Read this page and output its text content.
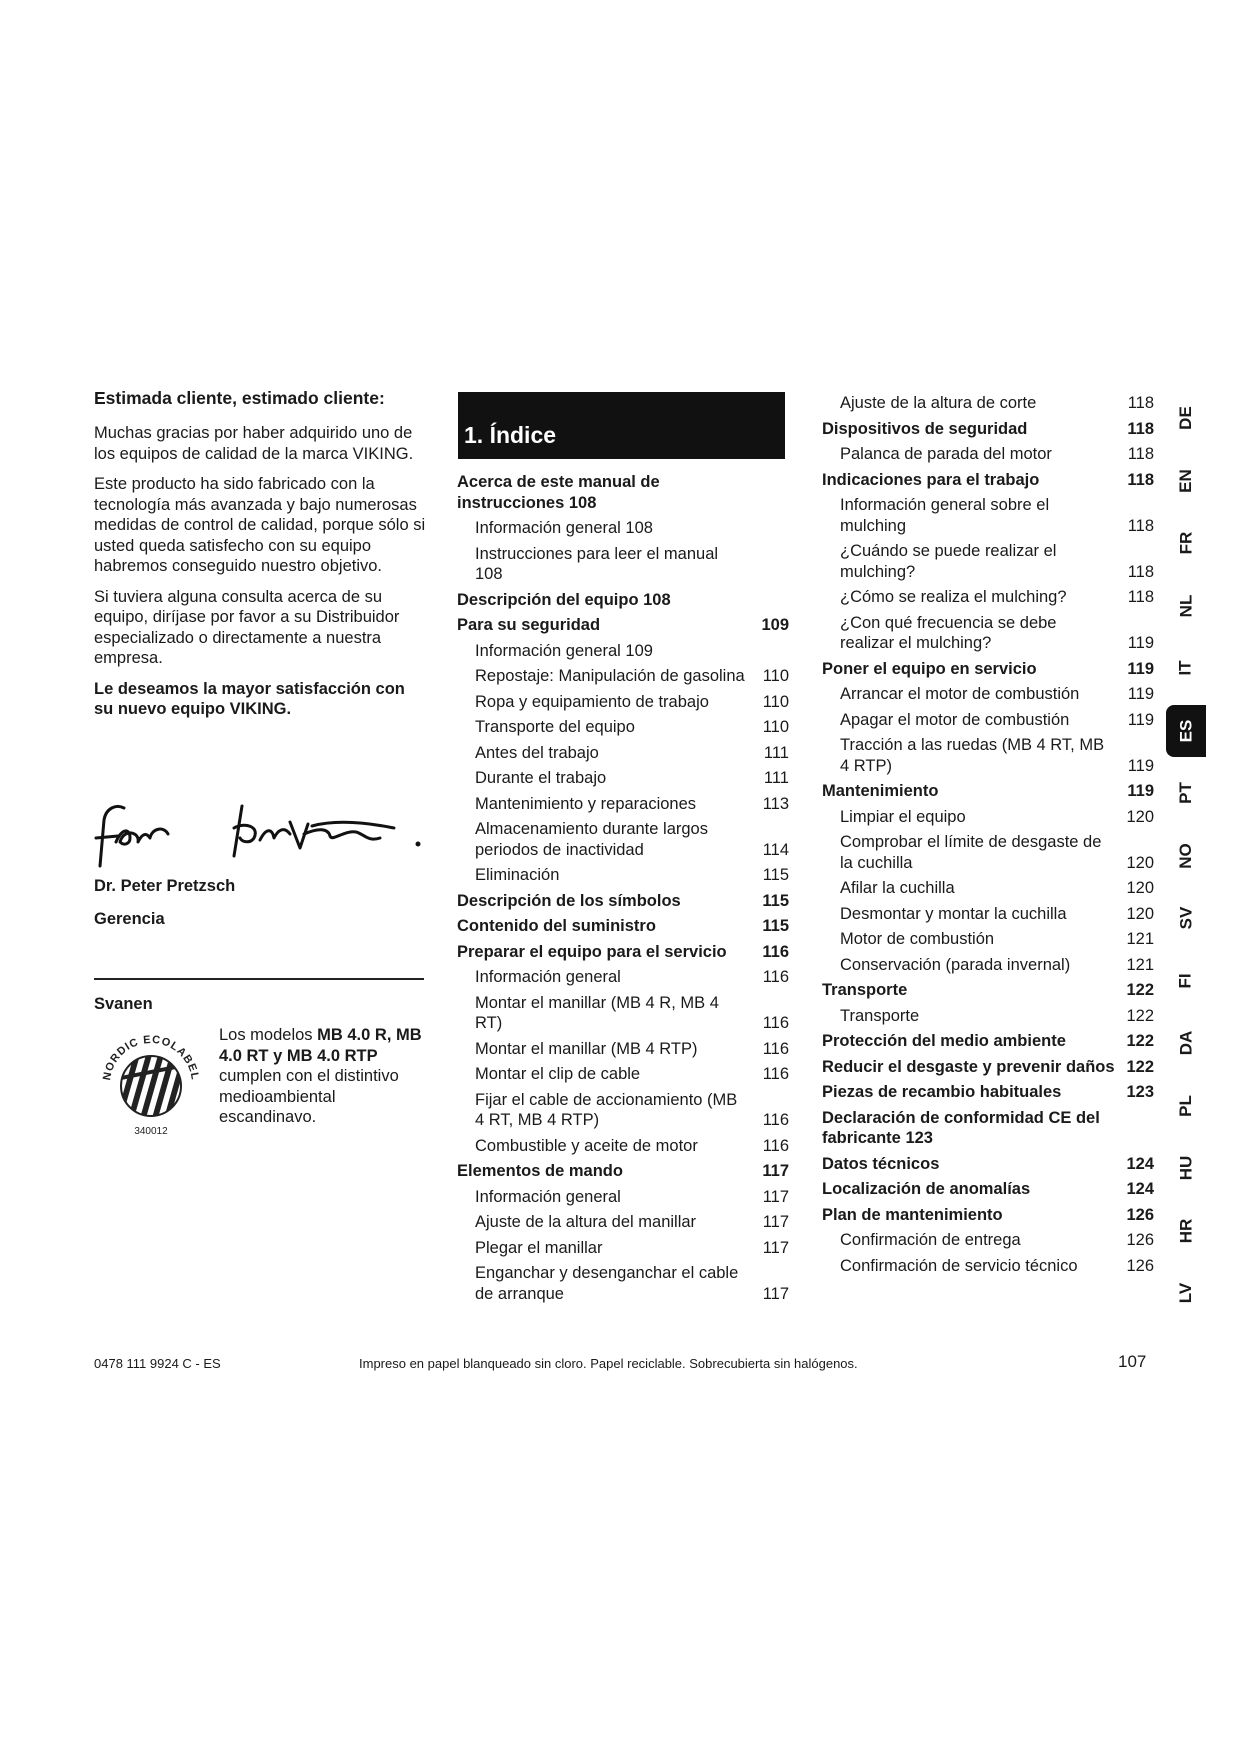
Estimada cliente, estimado cliente:

Muchas gracias por haber adquirido uno de los equipos de calidad de la marca VIKING.

Este producto ha sido fabricado con la tecnología más avanzada y bajo numerosas medidas de control de calidad, porque sólo si usted queda satisfecho con su equipo habremos conseguido nuestro objetivo.

Si tuviera alguna consulta acerca de su equipo, diríjase por favor a su Distribuidor especializado o directamente a nuestra empresa.

Le deseamos la mayor satisfacción con su nuevo equipo VIKING.

Dr. Peter Pretzsch
Gerencia
Svanen
NORDIC ECOLABEL
340012
Los modelos MB 4.0 R, MB 4.0 RT y MB 4.0 RTP cumplen con el distintivo medioambiental escandinavo.
1. Índice
Acerca de este manual de instrucciones 108
Información general 108
Instrucciones para leer el manual 108
Descripción del equipo 108
Para su seguridad	109
Información general 109
Repostaje: Manipulación de gasolina 110
Ropa y equipamiento de trabajo	110
Transporte del equipo	110
Antes del trabajo	111
Durante el trabajo	111
Mantenimiento y reparaciones	113
Almacenamiento durante largos periodos de inactividad	114
Eliminación	115
Descripción de los símbolos	115
Contenido del suministro	115
Preparar el equipo para el servicio 116
Información general	116
Montar el manillar (MB 4 R, MB 4 RT)	116
Montar el manillar (MB 4 RTP)	116
Montar el clip de cable	116
Fijar el cable de accionamiento (MB 4 RT, MB 4 RTP)	116
Combustible y aceite de motor	116
Elementos de mando	117
Información general	117
Ajuste de la altura del manillar	117
Plegar el manillar	117
Enganchar y desenganchar el cable de arranque	117
Ajuste de la altura de corte	118
Dispositivos de seguridad	118
Palanca de parada del motor	118
Indicaciones para el trabajo	118
Información general sobre el mulching	118
¿Cuándo se puede realizar el mulching?	118
¿Cómo se realiza el mulching?	118
¿Con qué frecuencia se debe realizar el mulching?	119
Poner el equipo en servicio	119
Arrancar el motor de combustión	119
Apagar el motor de combustión	119
Tracción a las ruedas (MB 4 RT, MB 4 RTP)	119
Mantenimiento	119
Limpiar el equipo	120
Comprobar el límite de desgaste de la cuchilla	120
Afilar la cuchilla	120
Desmontar y montar la cuchilla	120
Motor de combustión	121
Conservación (parada invernal)	121
Transporte	122
Transporte	122
Protección del medio ambiente	122
Reducir el desgaste y prevenir daños 122
Piezas de recambio habituales	123
Declaración de conformidad CE del fabricante 123
Datos técnicos	124
Localización de anomalías	124
Plan de mantenimiento	126
Confirmación de entrega	126
Confirmación de servicio técnico	126
DE
EN
FR
NL
IT
ES
PT
NO
SV
FI
DA
PL
HU
HR
LV
0478 111 9924 C - ES	Impreso en papel blanqueado sin cloro. Papel reciclable. Sobrecubierta sin halógenos.	107
